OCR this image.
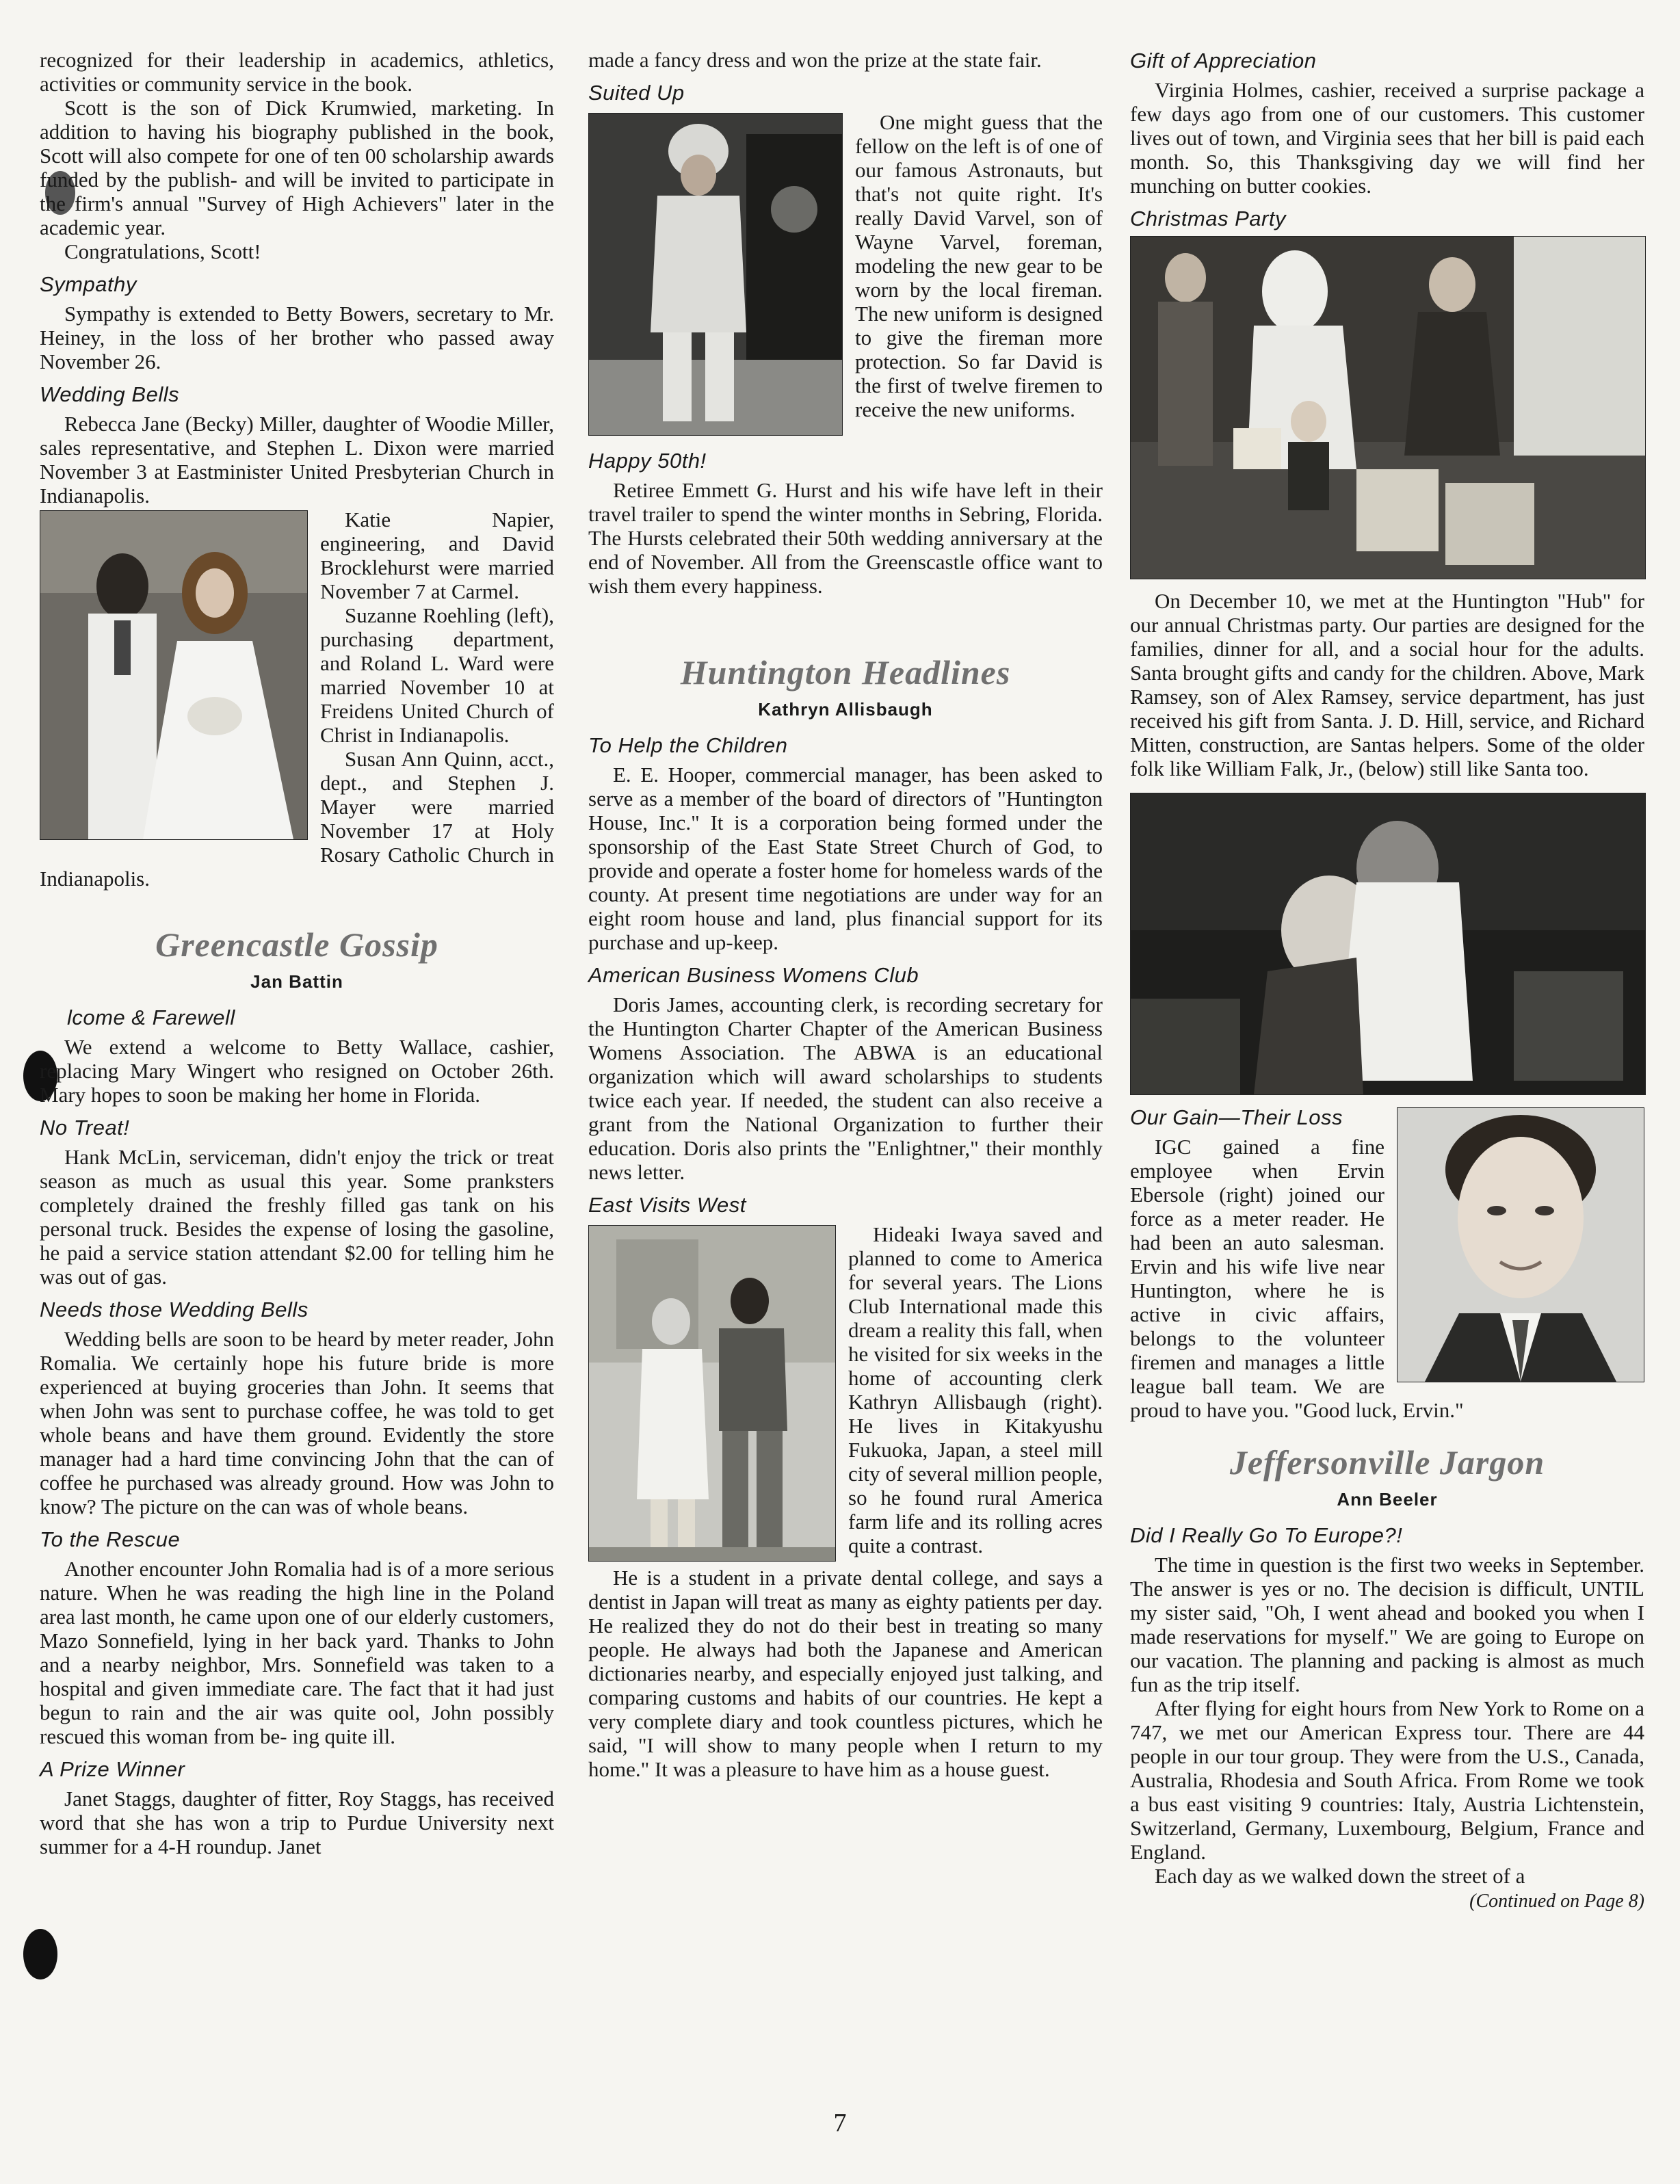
recognized for their leadership in academics, athletics, activities or community service in the book.

Scott is the son of Dick Krumwied, marketing. In addition to having his biography published in the book, Scott will also compete for one of ten 00 scholarship awards funded by the publish- and will be invited to participate in the firm's annual "Survey of High Achievers" later in the academic year.

Congratulations, Scott!

Sympathy

Sympathy is extended to Betty Bowers, secretary to Mr. Heiney, in the loss of her brother who passed away November 26.

Wedding Bells

Rebecca Jane (Becky) Miller, daughter of Woodie Miller, sales representative, and Stephen L. Dixon were married November 3 at Eastminister United Presbyterian Church in Indianapolis.

Katie Napier, engineering, and David Brocklehurst were married November 7 at Carmel.

Suzanne Roehling (left), purchasing department, and Roland L. Ward were married November 10 at Freidens United Church of Christ in Indianapolis.

Susan Ann Quinn, acct., dept., and Stephen J. Mayer were married November 17 at Holy Rosary Catholic Church in Indianapolis.

Greencastle Gossip
Jan Battin
lcome & Farewell

We extend a welcome to Betty Wallace, cashier, replacing Mary Wingert who resigned on October 26th. Mary hopes to soon be making her home in Florida.

No Treat!

Hank McLin, serviceman, didn't enjoy the trick or treat season as much as usual this year. Some pranksters completely drained the freshly filled gas tank on his personal truck. Besides the expense of losing the gasoline, he paid a service station attendant $2.00 for telling him he was out of gas.

Needs those Wedding Bells

Wedding bells are soon to be heard by meter reader, John Romalia. We certainly hope his future bride is more experienced at buying groceries than John. It seems that when John was sent to purchase coffee, he was told to get whole beans and have them ground. Evidently the store manager had a hard time convincing John that the can of coffee he purchased was already ground. How was John to know? The picture on the can was of whole beans.

To the Rescue

Another encounter John Romalia had is of a more serious nature. When he was reading the high line in the Poland area last month, he came upon one of our elderly customers, Mazo Sonnefield, lying in her back yard. Thanks to John and a nearby neighbor, Mrs. Sonnefield was taken to a hospital and given immediate care. The fact that it had just begun to rain and the air was quite ool, John possibly rescued this woman from be- ing quite ill.

A Prize Winner

Janet Staggs, daughter of fitter, Roy Staggs, has received word that she has won a trip to Purdue University next summer for a 4-H roundup. Janet

made a fancy dress and won the prize at the state fair.

Suited Up

One might guess that the fellow on the left is of one of our famous Astronauts, but that's not quite right. It's really David Varvel, son of Wayne Varvel, foreman, modeling the new gear to be worn by the local fireman. The new uniform is designed to give the fireman more protection. So far David is the first of twelve firemen to receive the new uniforms.

Happy 50th!

Retiree Emmett G. Hurst and his wife have left in their travel trailer to spend the winter months in Sebring, Florida. The Hursts celebrated their 50th wedding anniversary at the end of November. All from the Greenscastle office want to wish them every happiness.

Huntington Headlines
Kathryn Allisbaugh
To Help the Children

E. E. Hooper, commercial manager, has been asked to serve as a member of the board of directors of "Huntington House, Inc." It is a corporation being formed under the sponsorship of the East State Street Church of God, to provide and operate a foster home for homeless wards of the county. At present time negotiations are under way for an eight room house and land, plus financial support for its purchase and up-keep.

American Business Womens Club

Doris James, accounting clerk, is recording secretary for the Huntington Charter Chapter of the American Business Womens Association. The ABWA is an educational organization which will award scholarships to students twice each year. If needed, the student can also receive a grant from the National Organization to further their education. Doris also prints the "Enlightner," their monthly news letter.

East Visits West

Hideaki Iwaya saved and planned to come to America for several years. The Lions Club International made this dream a reality this fall, when he visited for six weeks in the home of accounting clerk Kathryn Allisbaugh (right). He lives in Kitakyushu Fukuoka, Japan, a steel mill city of several million people, so he found rural America farm life and its rolling acres quite a contrast.

He is a student in a private dental college, and says a dentist in Japan will treat as many as eighty patients per day. He realized they do not do their best in treating so many people. He always had both the Japanese and American dictionaries nearby, and especially enjoyed just talking, and comparing customs and habits of our countries. He kept a very complete diary and took countless pictures, which he said, "I will show to many people when I return to my home." It was a pleasure to have him as a house guest.

Gift of Appreciation

Virginia Holmes, cashier, received a surprise package a few days ago from one of our customers. This customer lives out of town, and Virginia sees that her bill is paid each month. So, this Thanksgiving day we will find her munching on butter cookies.

Christmas Party

On December 10, we met at the Huntington "Hub" for our annual Christmas party. Our parties are designed for the families, dinner for all, and a social hour for the adults. Santa brought gifts and candy for the children. Above, Mark Ramsey, son of Alex Ramsey, service department, has just received his gift from Santa. J. D. Hill, service, and Richard Mitten, construction, are Santas helpers. Some of the older folk like William Falk, Jr., (below) still like Santa too.

Our Gain—Their Loss

IGC gained a fine employee when Ervin Ebersole (right) joined our force as a meter reader. He had been an auto salesman. Ervin and his wife live near Huntington, where he is active in civic affairs, belongs to the volunteer firemen and manages a little league ball team. We are proud to have you. "Good luck, Ervin."

Jeffersonville Jargon
Ann Beeler
Did I Really Go To Europe?!

The time in question is the first two weeks in September. The answer is yes or no. The decision is difficult, UNTIL my sister said, "Oh, I went ahead and booked you when I made reservations for myself." We are going to Europe on our vacation. The planning and packing is almost as much fun as the trip itself.

After flying for eight hours from New York to Rome on a 747, we met our American Express tour. There are 44 people in our tour group. They were from the U.S., Canada, Australia, Rhodesia and South Africa. From Rome we took a bus east visiting 9 countries: Italy, Austria Lichtenstein, Switzerland, Germany, Luxembourg, Belgium, France and England.

Each day as we walked down the street of a

(Continued on Page 8)
7
